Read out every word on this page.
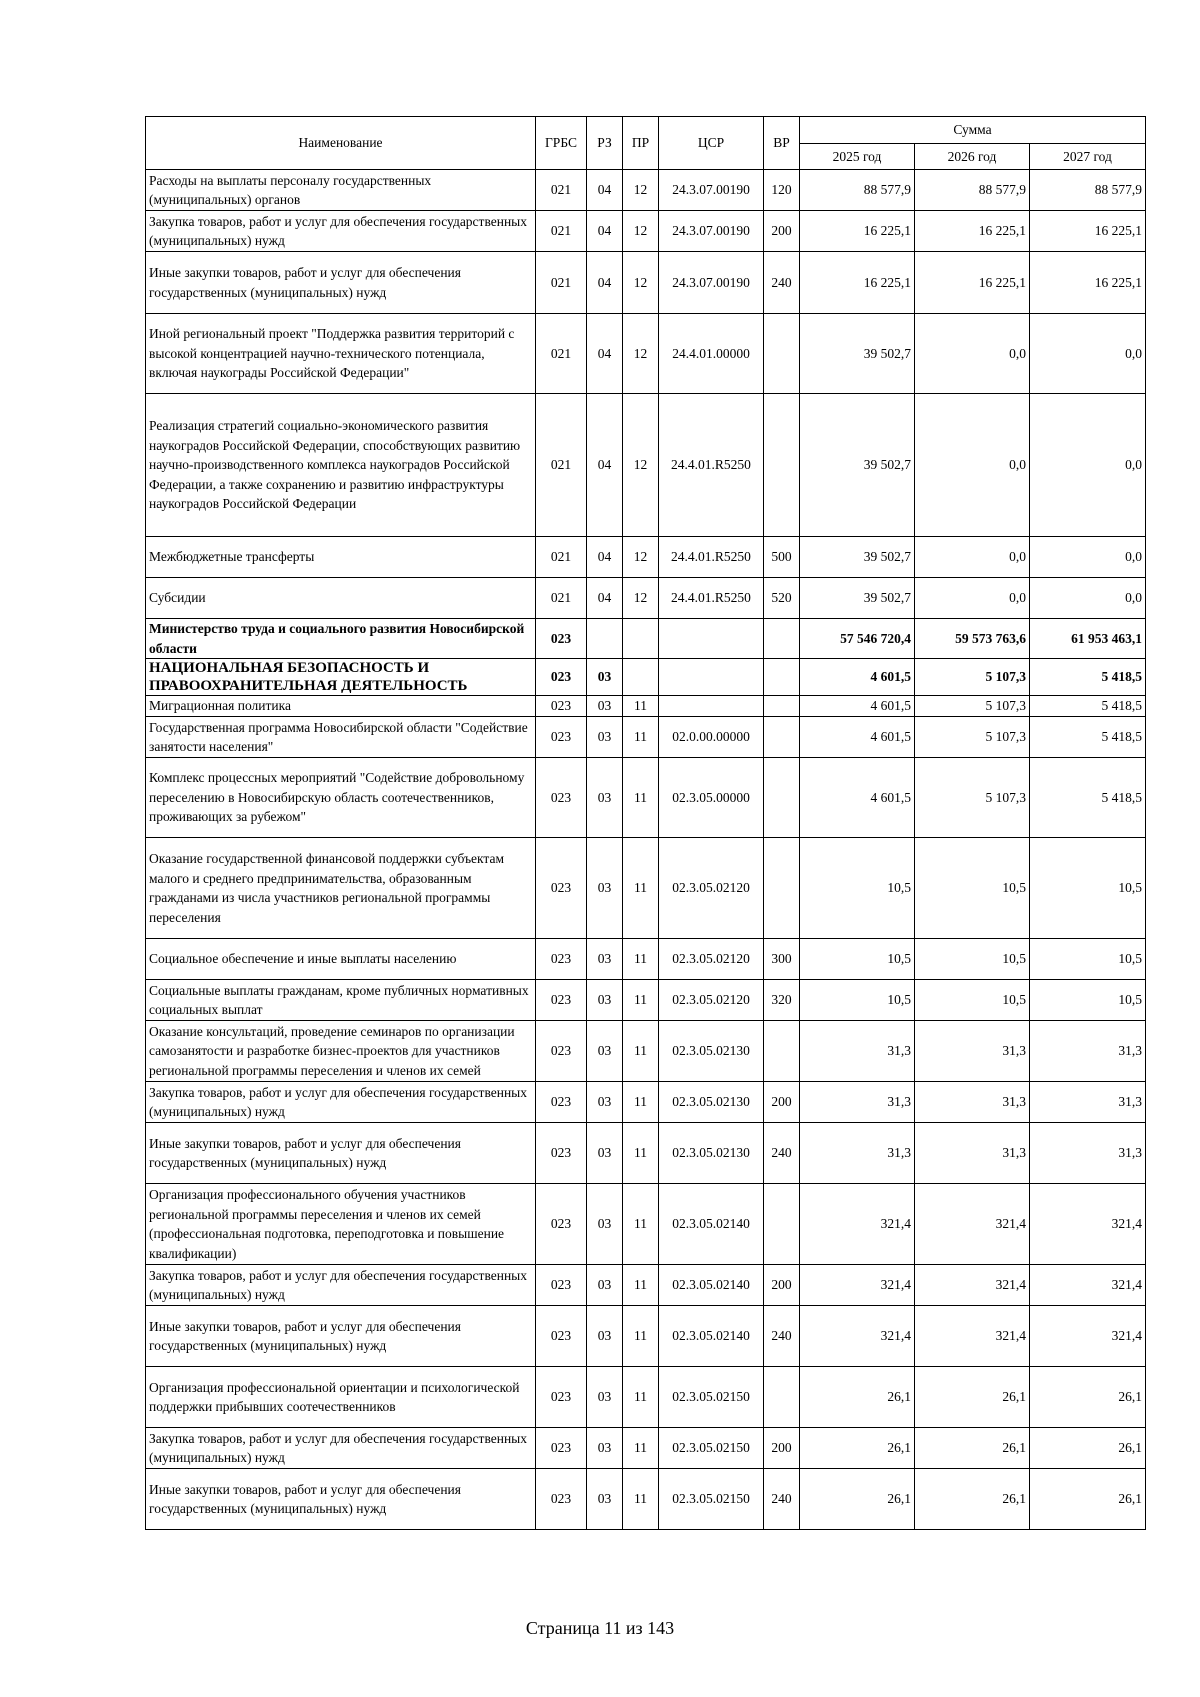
Наименование	ГРБС	РЗ	ПР	ЦСР	ВР	Сумма		
						2025 год	2026 год	2027 год
Расходы на выплаты персоналу государственных (муниципальных) органов	021	04	12	24.3.07.00190	120	88 577,9	88 577,9	88 577,9
Закупка товаров, работ и услуг для обеспечения государственных (муниципальных) нужд	021	04	12	24.3.07.00190	200	16 225,1	16 225,1	16 225,1
Иные закупки товаров, работ и услуг для обеспечения государственных (муниципальных) нужд	021	04	12	24.3.07.00190	240	16 225,1	16 225,1	16 225,1
Иной региональный проект "Поддержка развития территорий с высокой концентрацией научно-технического потенциала, включая наукограды Российской Федерации"	021	04	12	24.4.01.00000		39 502,7	0,0	0,0
Реализация стратегий социально-экономического развития наукоградов Российской Федерации, способствующих развитию научно-производственного комплекса наукоградов Российской Федерации, а также сохранению и развитию инфраструктуры наукоградов Российской Федерации	021	04	12	24.4.01.R5250		39 502,7	0,0	0,0
Межбюджетные трансферты	021	04	12	24.4.01.R5250	500	39 502,7	0,0	0,0
Субсидии	021	04	12	24.4.01.R5250	520	39 502,7	0,0	0,0
Министерство труда и социального развития Новосибирской области	023					57 546 720,4	59 573 763,6	61 953 463,1
НАЦИОНАЛЬНАЯ БЕЗОПАСНОСТЬ И ПРАВООХРАНИТЕЛЬНАЯ ДЕЯТЕЛЬНОСТЬ	023	03				4 601,5	5 107,3	5 418,5
Миграционная политика	023	03	11			4 601,5	5 107,3	5 418,5
Государственная программа Новосибирской области "Содействие занятости населения"	023	03	11	02.0.00.00000		4 601,5	5 107,3	5 418,5
Комплекс процессных мероприятий "Содействие добровольному переселению в Новосибирскую область соотечественников, проживающих за рубежом"	023	03	11	02.3.05.00000		4 601,5	5 107,3	5 418,5
Оказание государственной финансовой поддержки субъектам малого и среднего предпринимательства, образованным гражданами из числа участников региональной программы переселения	023	03	11	02.3.05.02120		10,5	10,5	10,5
Социальное обеспечение и иные выплаты населению	023	03	11	02.3.05.02120	300	10,5	10,5	10,5
Социальные выплаты гражданам, кроме публичных нормативных социальных выплат	023	03	11	02.3.05.02120	320	10,5	10,5	10,5
Оказание консультаций, проведение семинаров по организации самозанятости и разработке бизнес-проектов для участников региональной программы переселения и членов их семей	023	03	11	02.3.05.02130		31,3	31,3	31,3
Закупка товаров, работ и услуг для обеспечения государственных (муниципальных) нужд	023	03	11	02.3.05.02130	200	31,3	31,3	31,3
Иные закупки товаров, работ и услуг для обеспечения государственных (муниципальных) нужд	023	03	11	02.3.05.02130	240	31,3	31,3	31,3
Организация профессионального обучения участников региональной программы переселения и членов их семей (профессиональная подготовка, переподготовка и повышение квалификации)	023	03	11	02.3.05.02140		321,4	321,4	321,4
Закупка товаров, работ и услуг для обеспечения государственных (муниципальных) нужд	023	03	11	02.3.05.02140	200	321,4	321,4	321,4
Иные закупки товаров, работ и услуг для обеспечения государственных (муниципальных) нужд	023	03	11	02.3.05.02140	240	321,4	321,4	321,4
Организация профессиональной ориентации и психологической поддержки прибывших соотечественников	023	03	11	02.3.05.02150		26,1	26,1	26,1
Закупка товаров, работ и услуг для обеспечения государственных (муниципальных) нужд	023	03	11	02.3.05.02150	200	26,1	26,1	26,1
Иные закупки товаров, работ и услуг для обеспечения государственных (муниципальных) нужд	023	03	11	02.3.05.02150	240	26,1	26,1	26,1
Страница 11 из 143
